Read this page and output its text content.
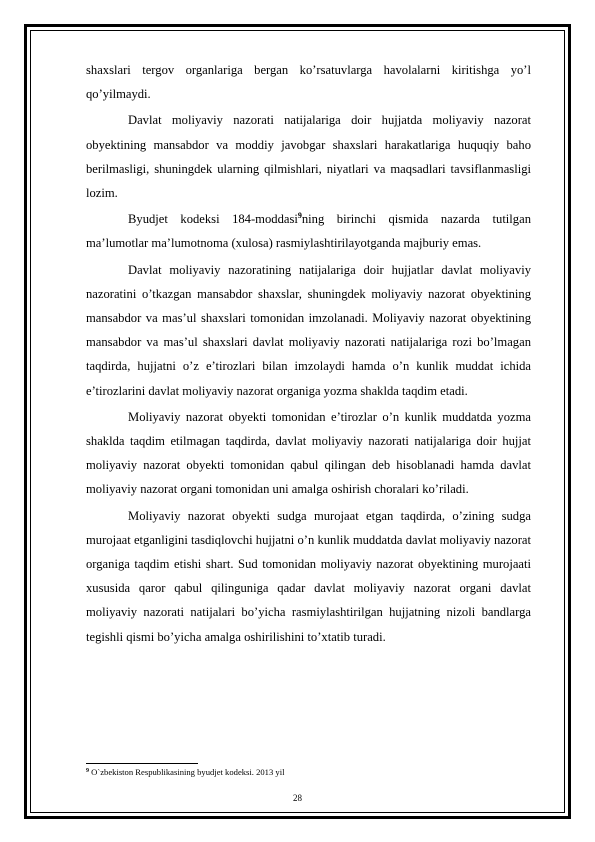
shaxslari tergov organlariga bergan ko’rsatuvlarga havolalarni kiritishga yo’l qo’yilmaydi.

Davlat moliyaviy nazorati natijalariga doir hujjatda moliyaviy nazorat obyektining mansabdor va moddiy javobgar shaxslari harakatlariga huquqiy baho berilmasligi, shuningdek ularning qilmishlari, niyatlari va maqsadlari tavsiflanmasligi lozim.

Byudjet kodeksi 184-moddasi$^9$ning birinchi qismida nazarda tutilgan ma’lumotlar ma’lumotnoma (xulosa) rasmiylashtirilayotganda majburiy emas.

Davlat moliyaviy nazoratining natijalariga doir hujjatlar davlat moliyaviy nazoratini o’tkazgan mansabdor shaxslar, shuningdek moliyaviy nazorat obyektining mansabdor va mas’ul shaxslari tomonidan imzolanadi. Moliyaviy nazorat obyektining mansabdor va mas’ul shaxslari davlat moliyaviy nazorati natijalariga rozi bo’lmagan taqdirda, hujjatni o’z e’tirozlari bilan imzolaydi hamda o’n kunlik muddat ichida e’tirozlarini davlat moliyaviy nazorat organiga yozma shaklda taqdim etadi.

Moliyaviy nazorat obyekti tomonidan e’tirozlar o’n kunlik muddatda yozma shaklda taqdim etilmagan taqdirda, davlat moliyaviy nazorati natijalariga doir hujjat moliyaviy nazorat obyekti tomonidan qabul qilingan deb hisoblanadi hamda davlat moliyaviy nazorat organi tomonidan uni amalga oshirish choralari ko’riladi.

Moliyaviy nazorat obyekti sudga murojaat etgan taqdirda, o’zining sudga murojaat etganligini tasdiqlovchi hujjatni o’n kunlik muddatda davlat moliyaviy nazorat organiga taqdim etishi shart. Sud tomonidan moliyaviy nazorat obyektining murojaati xususida qaror qabul qilinguniga qadar davlat moliyaviy nazorat organi davlat moliyaviy nazorati natijalari bo’yicha rasmiylashtirilgan hujjatning nizoli bandlarga tegishli qismi bo’yicha amalga oshirilishini to’xtatib turadi.

$^9$ O`zbekiston Respublikasining byudjet kodeksi. 2013 yil
28
